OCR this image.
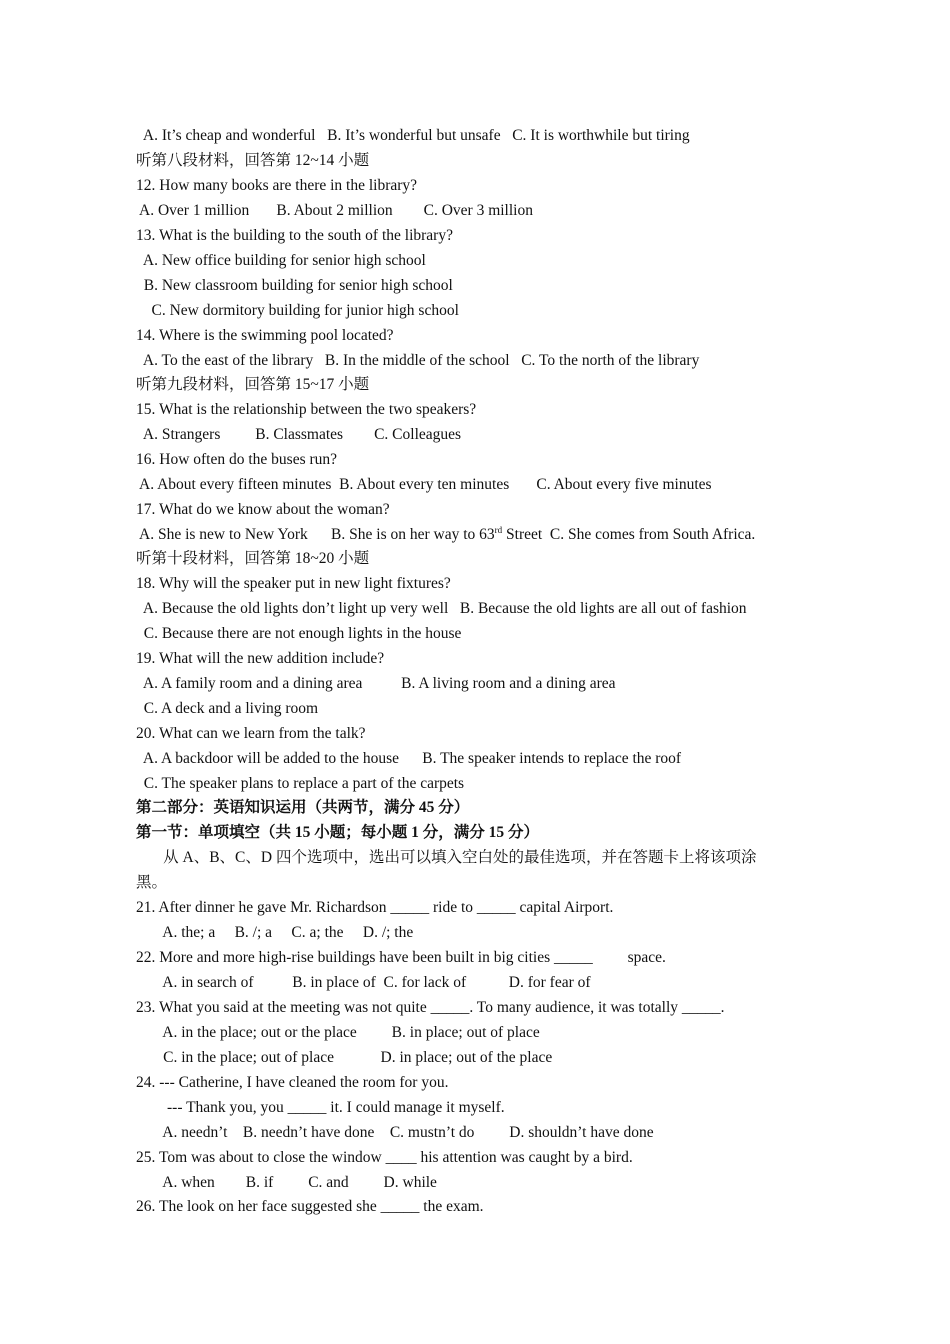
A. It’s cheap and wonderful   B. It’s wonderful but unsafe   C. It is worthwhile but tiring
听第八段材料，回答第 12~14 小题
12. How many books are there in the library?
A. Over 1 million       B. About 2 million        C. Over 3 million
13. What is the building to the south of the library?
A. New office building for senior high school
B. New classroom building for senior high school
C. New dormitory building for junior high school
14. Where is the swimming pool located?
A. To the east of the library   B. In the middle of the school   C. To the north of the library
听第九段材料，回答第 15~17 小题
15. What is the relationship between the two speakers?
A. Strangers         B. Classmates        C. Colleagues
16. How often do the buses run?
A. About every fifteen minutes  B. About every ten minutes       C. About every five minutes
17. What do we know about the woman?
A. She is new to New York      B. She is on her way to 63rd Street  C. She comes from South Africa.
听第十段材料，回答第 18~20 小题
18. Why will the speaker put in new light fixtures?
A. Because the old lights don’t light up very well   B. Because the old lights are all out of fashion
C. Because there are not enough lights in the house
19. What will the new addition include?
A. A family room and a dining area          B. A living room and a dining area
C. A deck and a living room
20. What can we learn from the talk?
A. A backdoor will be added to the house      B. The speaker intends to replace the roof
C. The speaker plans to replace a part of the carpets
第二部分：英语知识运用（共两节，满分 45 分）
第一节：单项填空（共 15 小题；每小题 1 分，满分 15 分）
从 A、B、C、D 四个选项中，选出可以填入空白处的最佳选项，并在答题卡上将该项涂
黑。
21. After dinner he gave Mr. Richardson _____ ride to _____ capital Airport.
A. the; a     B. /; a     C. a; the     D. /; the
22. More and more high-rise buildings have been built in big cities _____         space.
A. in search of          B. in place of  C. for lack of           D. for fear of
23. What you said at the meeting was not quite _____. To many audience, it was totally _____.
A. in the place; out or the place         B. in place; out of place
C. in the place; out of place            D. in place; out of the place
24. --- Catherine, I have cleaned the room for you.
--- Thank you, you _____ it. I could manage it myself.
A. needn’t    B. needn’t have done    C. mustn’t do         D. shouldn’t have done
25. Tom was about to close the window ____ his attention was caught by a bird.
A. when        B. if         C. and         D. while
26. The look on her face suggested she _____ the exam.
